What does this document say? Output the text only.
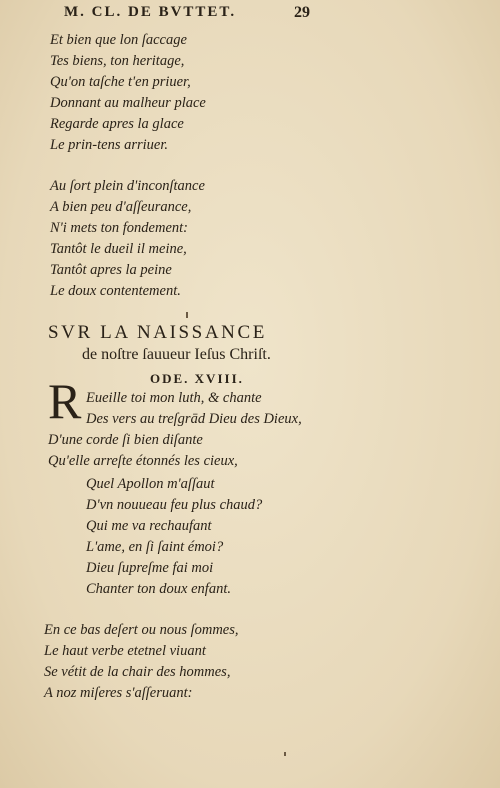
M. CL. DE BVTTET.	29
Et bien que lon ſaccage
Tes biens, ton heritage,
Qu'on taſche t'en priuer,
Donnant au malheur place
Regarde apres la glace
Le prin-tens arriuer.
Au ſort plein d'inconſtance
A bien peu d'aſſeurance,
N'i mets ton fondement:
Tantôt le dueil il meine,
Tantôt apres la peine
Le doux contentement.
SVR LA NAISSANCE
de noſtre ſauueur Ieſus Chriſt.
ODE. XVIII.
R Eueille toi mon luth, & chante
Des vers au treſgrād Dieu des Dieux,
D'une corde ſi bien diſante
Qu'elle arreſte étonnés les cieux,
Quel Apollon m'aſſaut
D'vn nouueau feu plus chaud?
Qui me va rechaufant
L'ame, en ſi ſaint émoi?
Dieu ſupreſme fai moi
Chanter ton doux enfant.
En ce bas deſert ou nous ſommes,
Le haut verbe etetnel viuant
Se vétit de la chair des hommes,
A noz miſeres s'aſſeruant:
